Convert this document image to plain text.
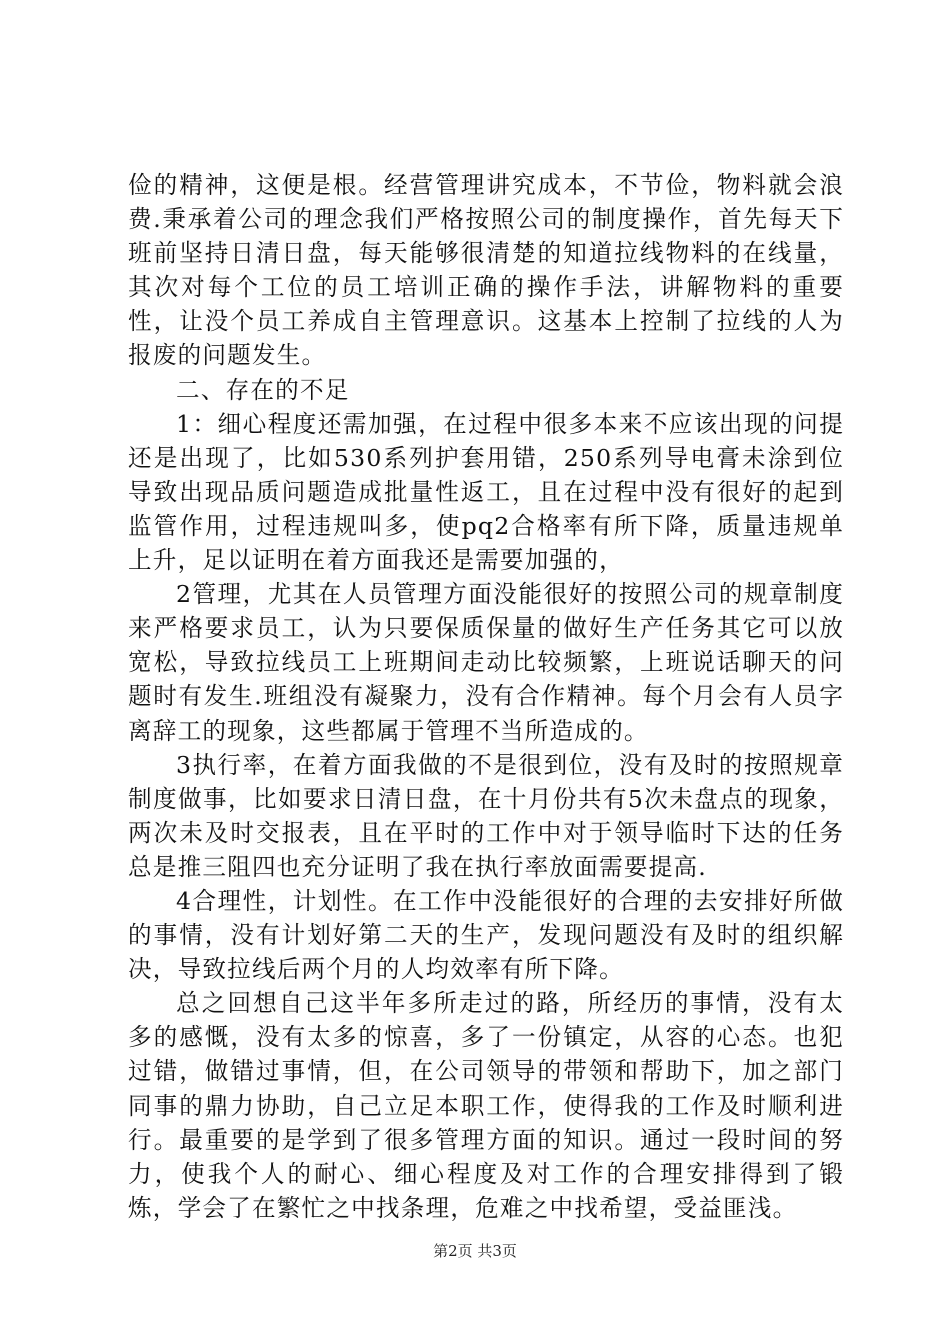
俭的精神，这便是根。经营管理讲究成本，不节俭，物料就会浪费.秉承着公司的理念我们严格按照公司的制度操作，首先每天下班前坚持日清日盘，每天能够很清楚的知道拉线物料的在线量，其次对每个工位的员工培训正确的操作手法，讲解物料的重要性，让没个员工养成自主管理意识。这基本上控制了拉线的人为报废的问题发生。

二、存在的不足

1：细心程度还需加强，在过程中很多本来不应该出现的问提还是出现了，比如530系列护套用错，250系列导电膏未涂到位导致出现品质问题造成批量性返工，且在过程中没有很好的起到监管作用，过程违规叫多，使pq2合格率有所下降，质量违规单上升，足以证明在着方面我还是需要加强的，

2管理，尤其在人员管理方面没能很好的按照公司的规章制度来严格要求员工，认为只要保质保量的做好生产任务其它可以放宽松，导致拉线员工上班期间走动比较频繁，上班说话聊天的问题时有发生.班组没有凝聚力，没有合作精神。每个月会有人员字离辞工的现象，这些都属于管理不当所造成的。

3执行率，在着方面我做的不是很到位，没有及时的按照规章制度做事，比如要求日清日盘，在十月份共有5次未盘点的现象，两次未及时交报表，且在平时的工作中对于领导临时下达的任务总是推三阻四也充分证明了我在执行率放面需要提高.

4合理性，计划性。在工作中没能很好的合理的去安排好所做的事情，没有计划好第二天的生产，发现问题没有及时的组织解决，导致拉线后两个月的人均效率有所下降。

总之回想自己这半年多所走过的路，所经历的事情，没有太多的感慨，没有太多的惊喜，多了一份镇定，从容的心态。也犯过错，做错过事情，但，在公司领导的带领和帮助下，加之部门同事的鼎力协助，自己立足本职工作，使得我的工作及时顺利进行。最重要的是学到了很多管理方面的知识。通过一段时间的努力，使我个人的耐心、细心程度及对工作的合理安排得到了锻炼，学会了在繁忙之中找条理，危难之中找希望，受益匪浅。

第2页 共3页
